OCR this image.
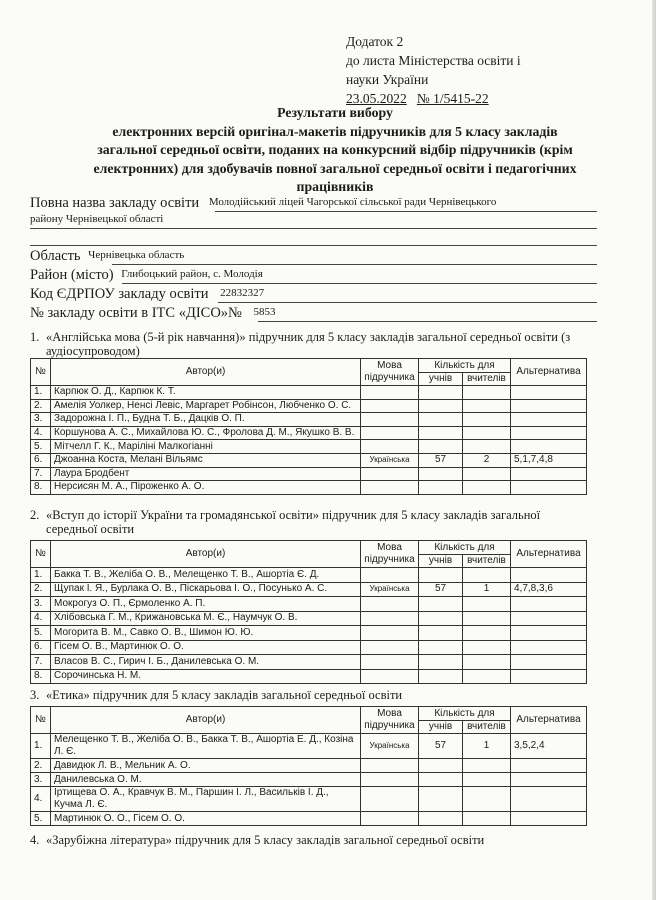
Додаток 2
до листа Міністерства освіти і
науки України
23.05.2022 № 1/5415-22
Результати вибору
електронних версій оригінал-макетів підручників для 5 класу закладів
загальної середньої освіти, поданих на конкурсний відбір підручників (крім
електронних) для здобувачів повної загальної середньої освіти і педагогічних
працівників
Повна назва закладу освіти Молодійський ліцей Чагорської сільської ради Чернівецького
району Чернівецької області
Область Чернівецька область
Район (місто) Глибоцький район, с. Молодія
Код ЄДРПОУ закладу освіти 22832327
№ закладу освіти в ІТС «ДІСО»№ 5853
1. «Англійська мова (5-й рік навчання)» підручник для 5 класу закладів загальної середньої освіти (з
аудіосупроводом)
№	Автор(и)	Мова
підручника	Кількість для		Альтернатива
			учнів	вчителів	
1.	Карпюк О. Д., Карпюк К. Т.				
2.	Амелія Уолкер, Ненсі Левіс, Маргарет Робінсон, Любченко О. С.				
3.	Задорожна І. П., Будна Т. Б., Дацків О. П.				
4.	Коршунова А. С., Михайлова Ю. С., Фролова Д. М., Якушко В. В.				
5.	Мітчелл Г. К., Маріліні Малкогіанні				
6.	Джоанна Коста, Мелані Вільямс	Українська	57	2	5,1,7,4,8
7.	Лаура Бродбент				
8.	Нерсисян М. А., Піроженко А. О.				
2. «Вступ до історії України та громадянської освіти» підручник для 5 класу закладів загальної
середньої освіти
№	Автор(и)	Мова
підручника	Кількість для		Альтернатива
			учнів	вчителів	
1.	Бакка Т. В., Желіба О. В., Мелещенко Т. В., Ашортіа Є. Д.				
2.	Щупак І. Я., Бурлака О. В., Піскарьова І. О., Посунько А. С.	Українська	57	1	4,7,8,3,6
3.	Мокрогуз О. П., Єрмоленко А. П.				
4.	Хлібовська Г. М., Крижановська М. Є., Наумчук О. В.				
5.	Могорита В. М., Савко О. В., Шимон Ю. Ю.				
6.	Гісем О. В., Мартинюк О. О.				
7.	Власов В. С., Гирич І. Б., Данилевська О. М.				
8.	Сорочинська Н. М.				
3. «Етика» підручник для 5 класу закладів загальної середньої освіти
№	Автор(и)	Мова
підручника	Кількість для		Альтернатива
			учнів	вчителів	
1.	Мелещенко Т. В., Желіба О. В., Бакка Т. В., Ашортіа Е. Д., Козіна Л. Є.	Українська	57	1	3,5,2,4
2.	Давидюк Л. В., Мельник А. О.				
3.	Данилевська О. М.				
4.	Іртищева О. А., Кравчук В. М., Паршин І. Л., Васильків І. Д., Кучма Л. Є.				
5.	Мартинюк О. О., Гісем О. О.				
4. «Зарубіжна література» підручник для 5 класу закладів загальної середньої освіти
